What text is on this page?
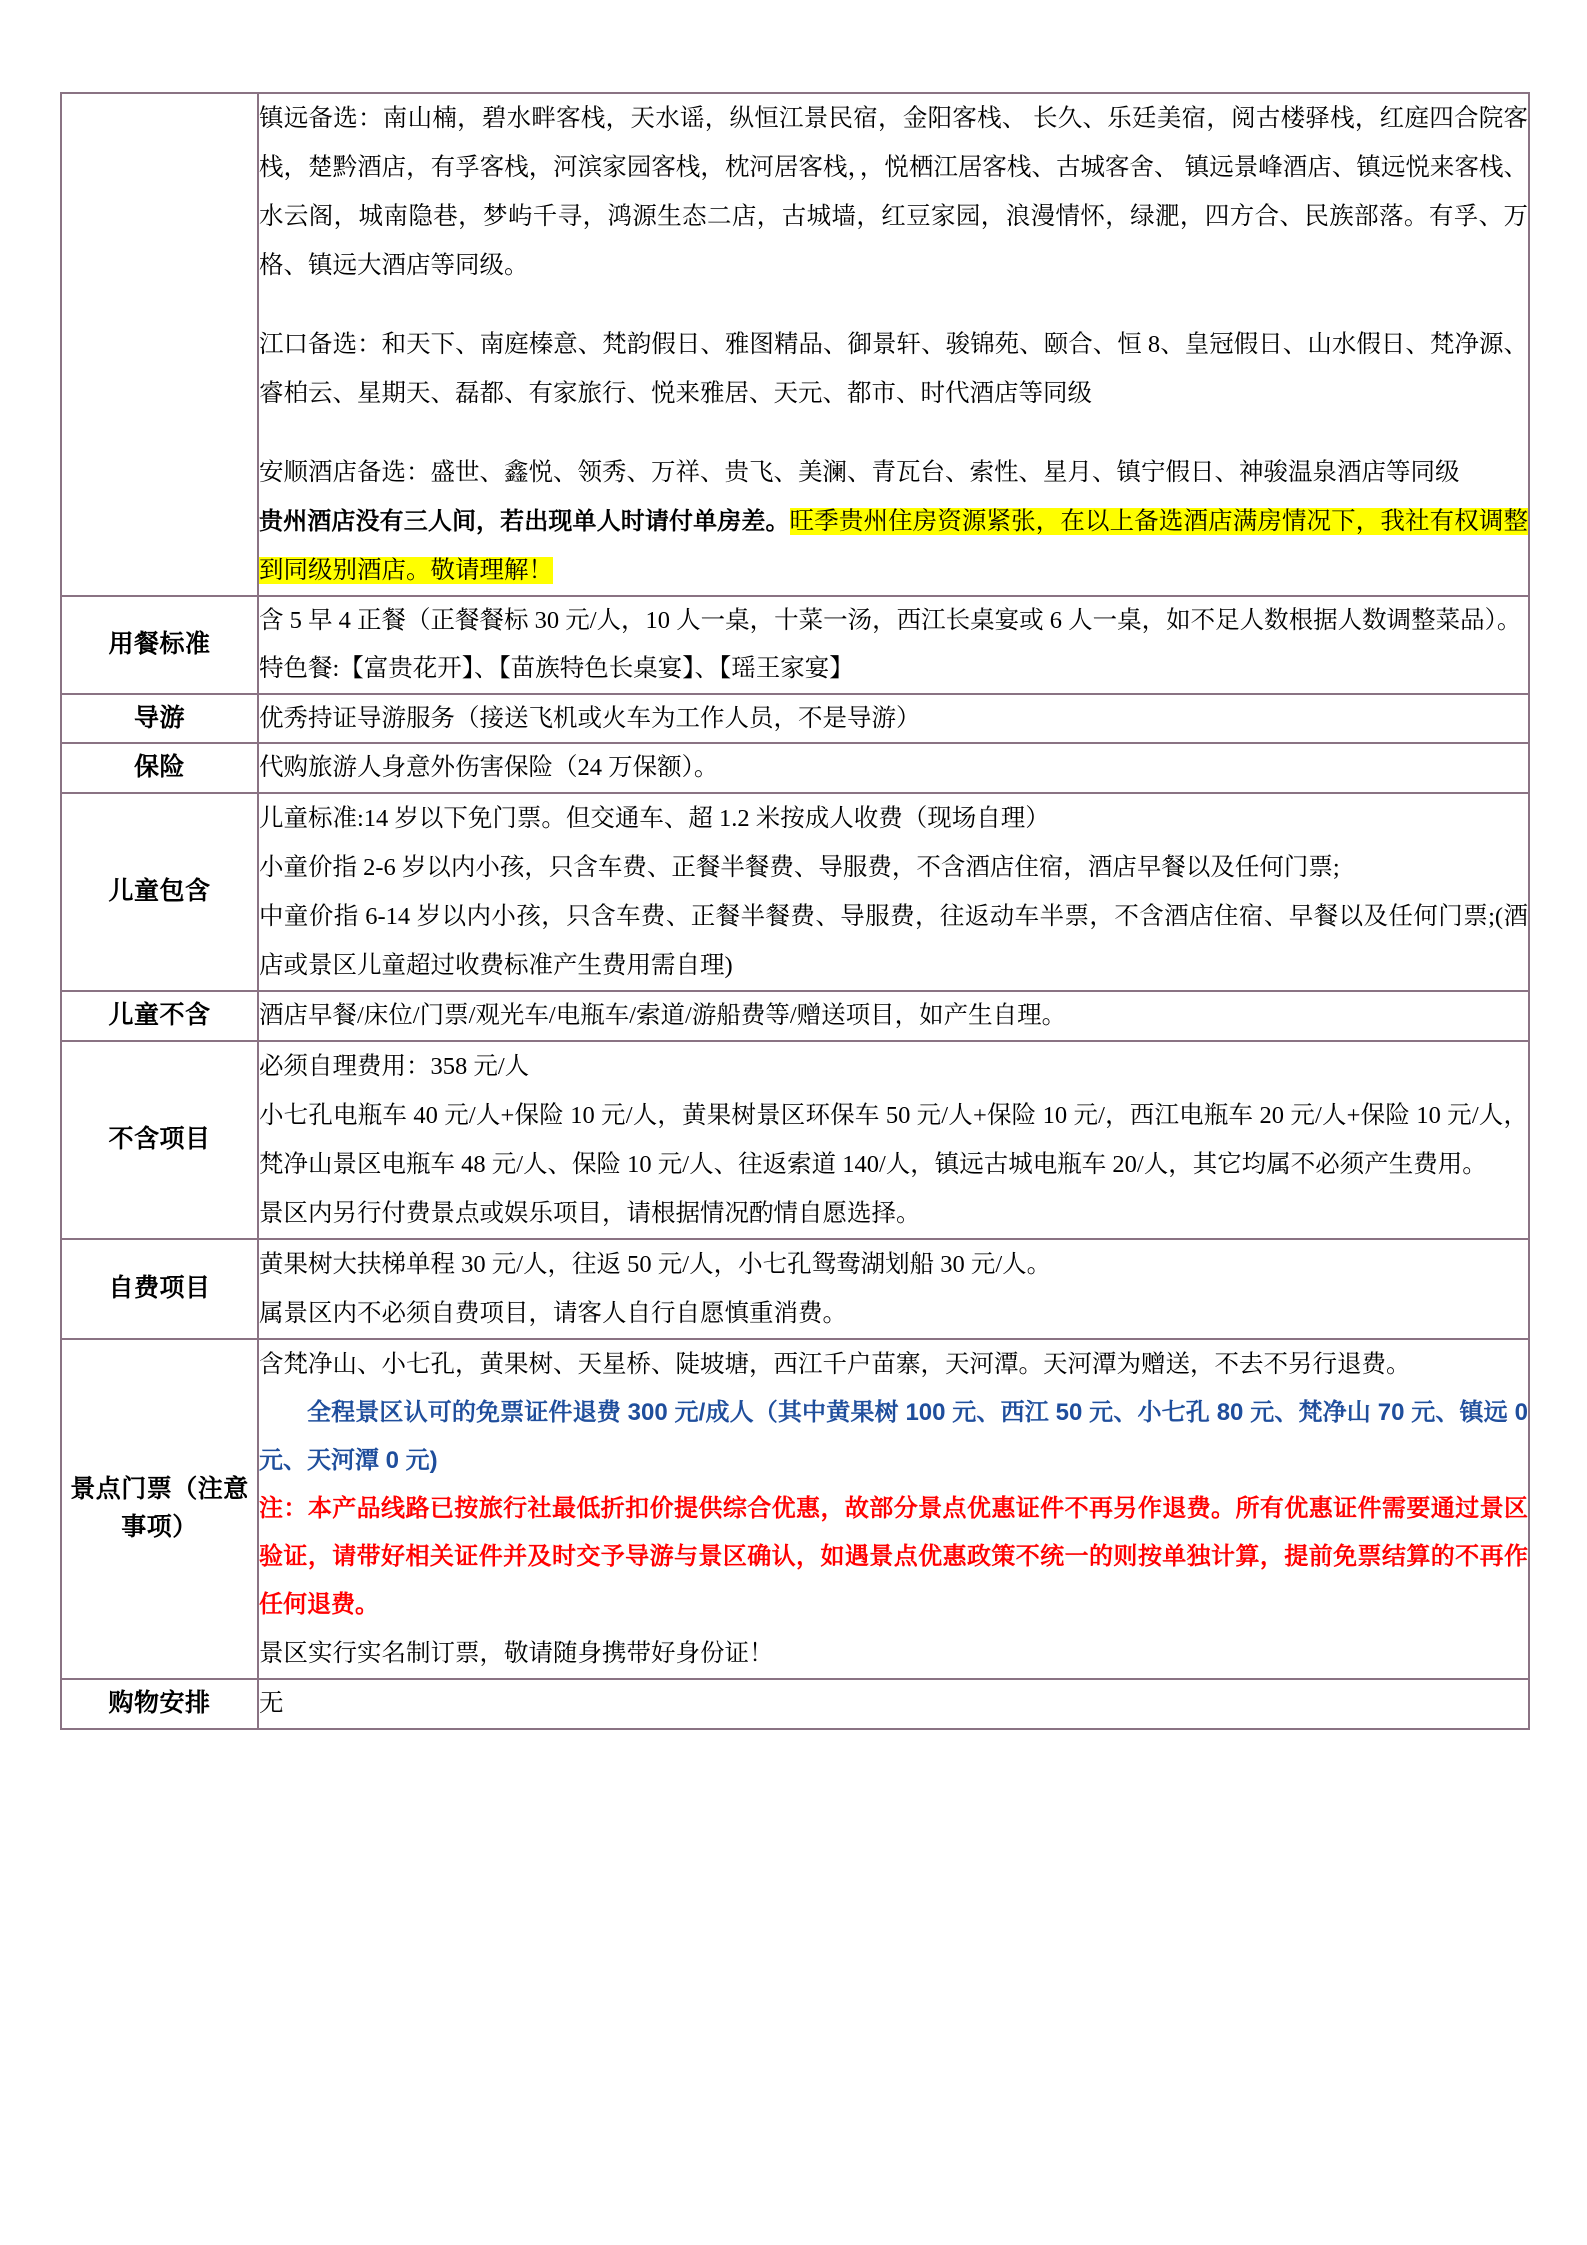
	镇远备选：南山楠，碧水畔客栈，天水谣，纵恒江景民宿，金阳客栈、 长久、乐廷美宿，阅古楼驿栈，红庭四合院客栈，楚黔酒店，有孚客栈，河滨家园客栈，枕河居客栈，，悦栖江居客栈、古城客舍、 镇远景峰酒店、镇远悦来客栈、水云阁，城南隐巷，梦屿千寻，鸿源生态二店，古城墙，红豆家园，浪漫情怀，绿淝，四方合、民族部落。有孚、万格、镇远大酒店等同级。

江口备选：和天下、南庭榛意、梵韵假日、雅图精品、御景轩、骏锦苑、颐合、恒 8、皇冠假日、山水假日、梵净源、睿柏云、星期天、磊都、有家旅行、悦来雅居、天元、都市、时代酒店等同级

安顺酒店备选：盛世、鑫悦、领秀、万祥、贵飞、美澜、青瓦台、索性、星月、镇宁假日、神骏温泉酒店等同级

贵州酒店没有三人间，若出现单人时请付单房差。旺季贵州住房资源紧张，在以上备选酒店满房情况下，我社有权调整到同级别酒店。敬请理解！

用餐标准	含 5 早 4 正餐（正餐餐标 30 元/人，10 人一桌，十菜一汤，西江长桌宴或 6 人一桌，如不足人数根据人数调整菜品）。

特色餐:【富贵花开】、【苗族特色长桌宴】、【瑶王家宴】

导游	优秀持证导游服务（接送飞机或火车为工作人员，不是导游）

保险	代购旅游人身意外伤害保险（24 万保额）。

儿童包含	儿童标准:14 岁以下免门票。但交通车、超 1.2 米按成人收费（现场自理）

小童价指 2-6 岁以内小孩，只含车费、正餐半餐费、导服费，不含酒店住宿，酒店早餐以及任何门票;

中童价指 6-14 岁以内小孩，只含车费、正餐半餐费、导服费，往返动车半票，不含酒店住宿、早餐以及任何门票;(酒店或景区儿童超过收费标准产生费用需自理)

儿童不含	酒店早餐/床位/门票/观光车/电瓶车/索道/游船费等/赠送项目，如产生自理。

不含项目	必须自理费用：358 元/人

小七孔电瓶车 40 元/人+保险 10 元/人，黄果树景区环保车 50 元/人+保险 10 元/，西江电瓶车 20 元/人+保险 10 元/人，梵净山景区电瓶车 48 元/人、保险 10 元/人、往返索道 140/人，镇远古城电瓶车 20/人，其它均属不必须产生费用。

景区内另行付费景点或娱乐项目，请根据情况酌情自愿选择。

自费项目	黄果树大扶梯单程 30 元/人，往返 50 元/人，小七孔鸳鸯湖划船 30 元/人。

属景区内不必须自费项目，请客人自行自愿慎重消费。

景点门票（注意事项）	含梵净山、小七孔，黄果树、天星桥、陡坡塘，西江千户苗寨，天河潭。天河潭为赠送，不去不另行退费。

全程景区认可的免票证件退费 300 元/成人（其中黄果树 100 元、西江 50 元、小七孔 80 元、梵净山 70 元、镇远 0 元、天河潭 0 元)

注：本产品线路已按旅行社最低折扣价提供综合优惠，故部分景点优惠证件不再另作退费。所有优惠证件需要通过景区验证，请带好相关证件并及时交予导游与景区确认，如遇景点优惠政策不统一的则按单独计算，提前免票结算的不再作任何退费。

景区实行实名制订票，敬请随身携带好身份证！

购物安排	无
